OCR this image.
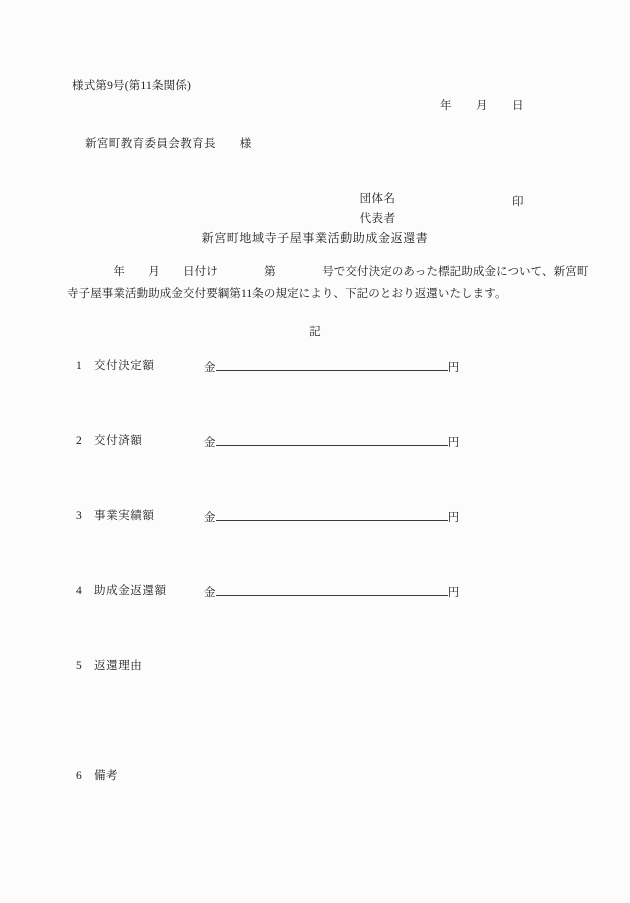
様式第9号(第11条関係)
年　　月　　日
新宮町教育委員会教育長　　様

団体名

代表者

印

新宮町地域寺子屋事業活動助成金返還書
　　　　年　　月　　日付け　　　　第　　　　号で交付決定のあった標記助成金について、新宮町
寺子屋事業活動助成金交付要綱第11条の規定により、下記のとおり返還いたします。
記
1	交付決定額	金	円
2	交付済額	金	円
3	事業実績額	金	円
4	助成金返還額	金	円
5	返還理由
6	備考
